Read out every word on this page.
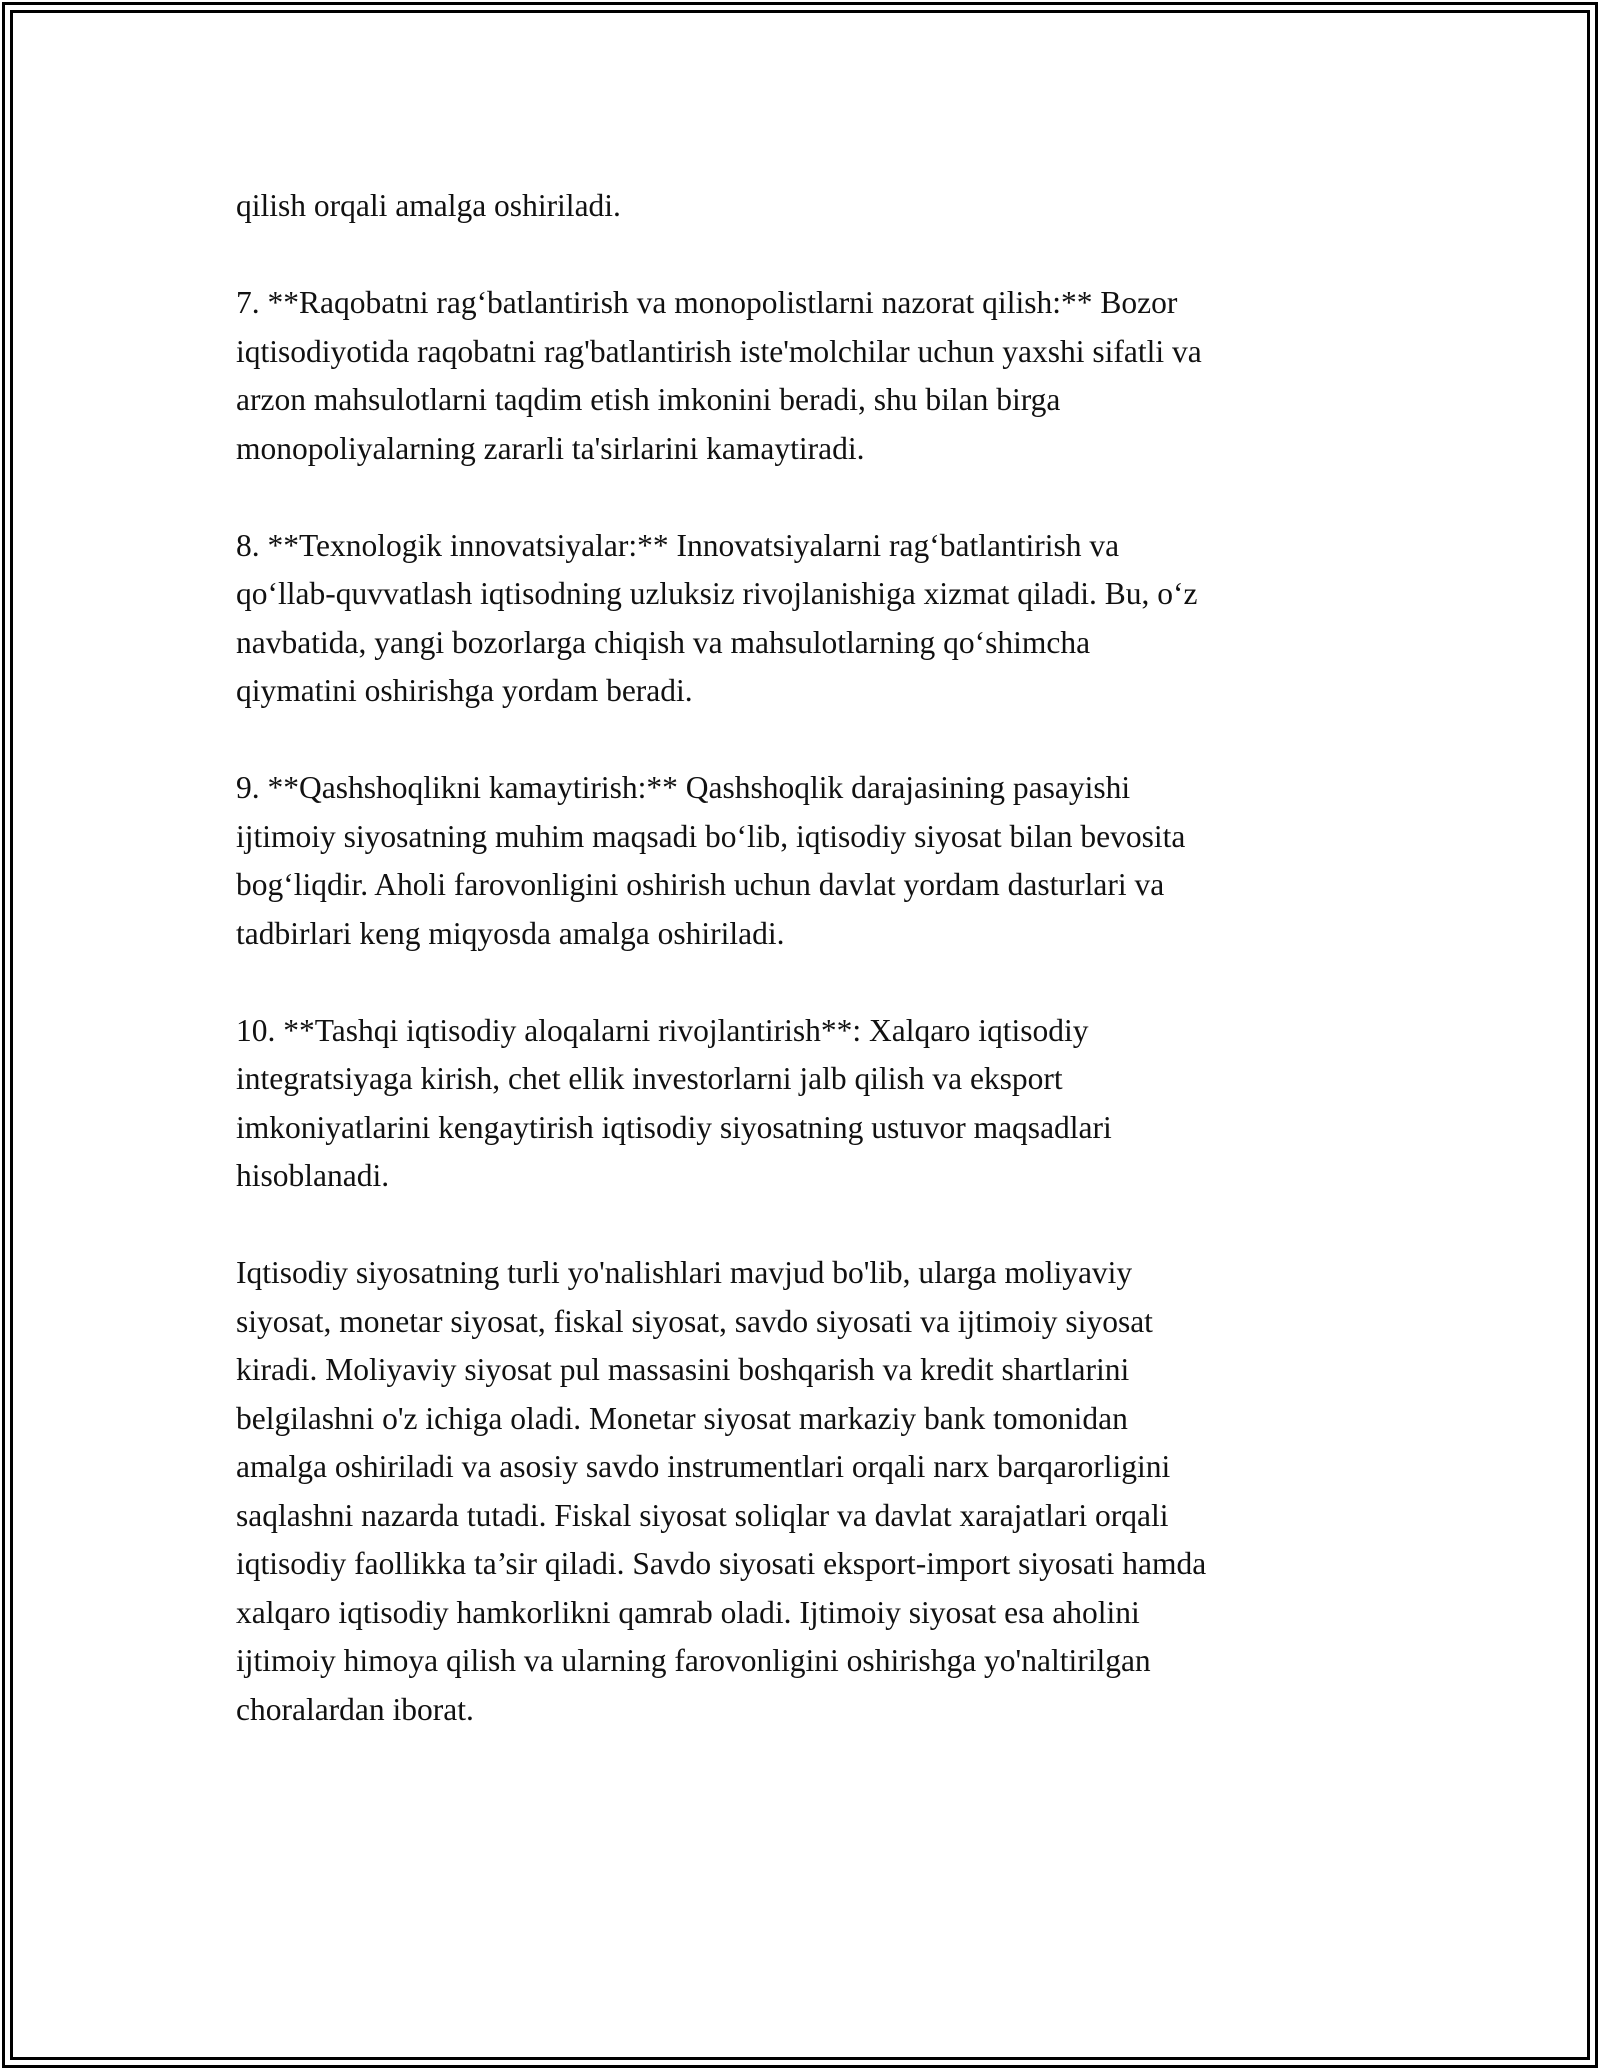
qilish orqali amalga oshiriladi.

7. **Raqobatni rag‘batlantirish va monopolistlarni nazorat qilish:** Bozor
iqtisodiyotida raqobatni rag'batlantirish iste'molchilar uchun yaxshi sifatli va
arzon mahsulotlarni taqdim etish imkonini beradi, shu bilan birga
monopoliyalarning zararli ta'sirlarini kamaytiradi.

8. **Texnologik innovatsiyalar:** Innovatsiyalarni rag‘batlantirish va
qo‘llab-quvvatlash iqtisodning uzluksiz rivojlanishiga xizmat qiladi. Bu, o‘z
navbatida, yangi bozorlarga chiqish va mahsulotlarning qo‘shimcha
qiymatini oshirishga yordam beradi.

9. **Qashshoqlikni kamaytirish:** Qashshoqlik darajasining pasayishi
ijtimoiy siyosatning muhim maqsadi bo‘lib, iqtisodiy siyosat bilan bevosita
bog‘liqdir. Aholi farovonligini oshirish uchun davlat yordam dasturlari va
tadbirlari keng miqyosda amalga oshiriladi.

10. **Tashqi iqtisodiy aloqalarni rivojlantirish**: Xalqaro iqtisodiy
integratsiyaga kirish, chet ellik investorlarni jalb qilish va eksport
imkoniyatlarini kengaytirish iqtisodiy siyosatning ustuvor maqsadlari
hisoblanadi.

Iqtisodiy siyosatning turli yo'nalishlari mavjud bo'lib, ularga moliyaviy
siyosat, monetar siyosat, fiskal siyosat, savdo siyosati va ijtimoiy siyosat
kiradi. Moliyaviy siyosat pul massasini boshqarish va kredit shartlarini
belgilashni o'z ichiga oladi. Monetar siyosat markaziy bank tomonidan
amalga oshiriladi va asosiy savdo instrumentlari orqali narx barqarorligini
saqlashni nazarda tutadi. Fiskal siyosat soliqlar va davlat xarajatlari orqali
iqtisodiy faollikka ta’sir qiladi. Savdo siyosati eksport-import siyosati hamda
xalqaro iqtisodiy hamkorlikni qamrab oladi. Ijtimoiy siyosat esa aholini
ijtimoiy himoya qilish va ularning farovonligini oshirishga yo'naltirilgan
choralardan iborat.
